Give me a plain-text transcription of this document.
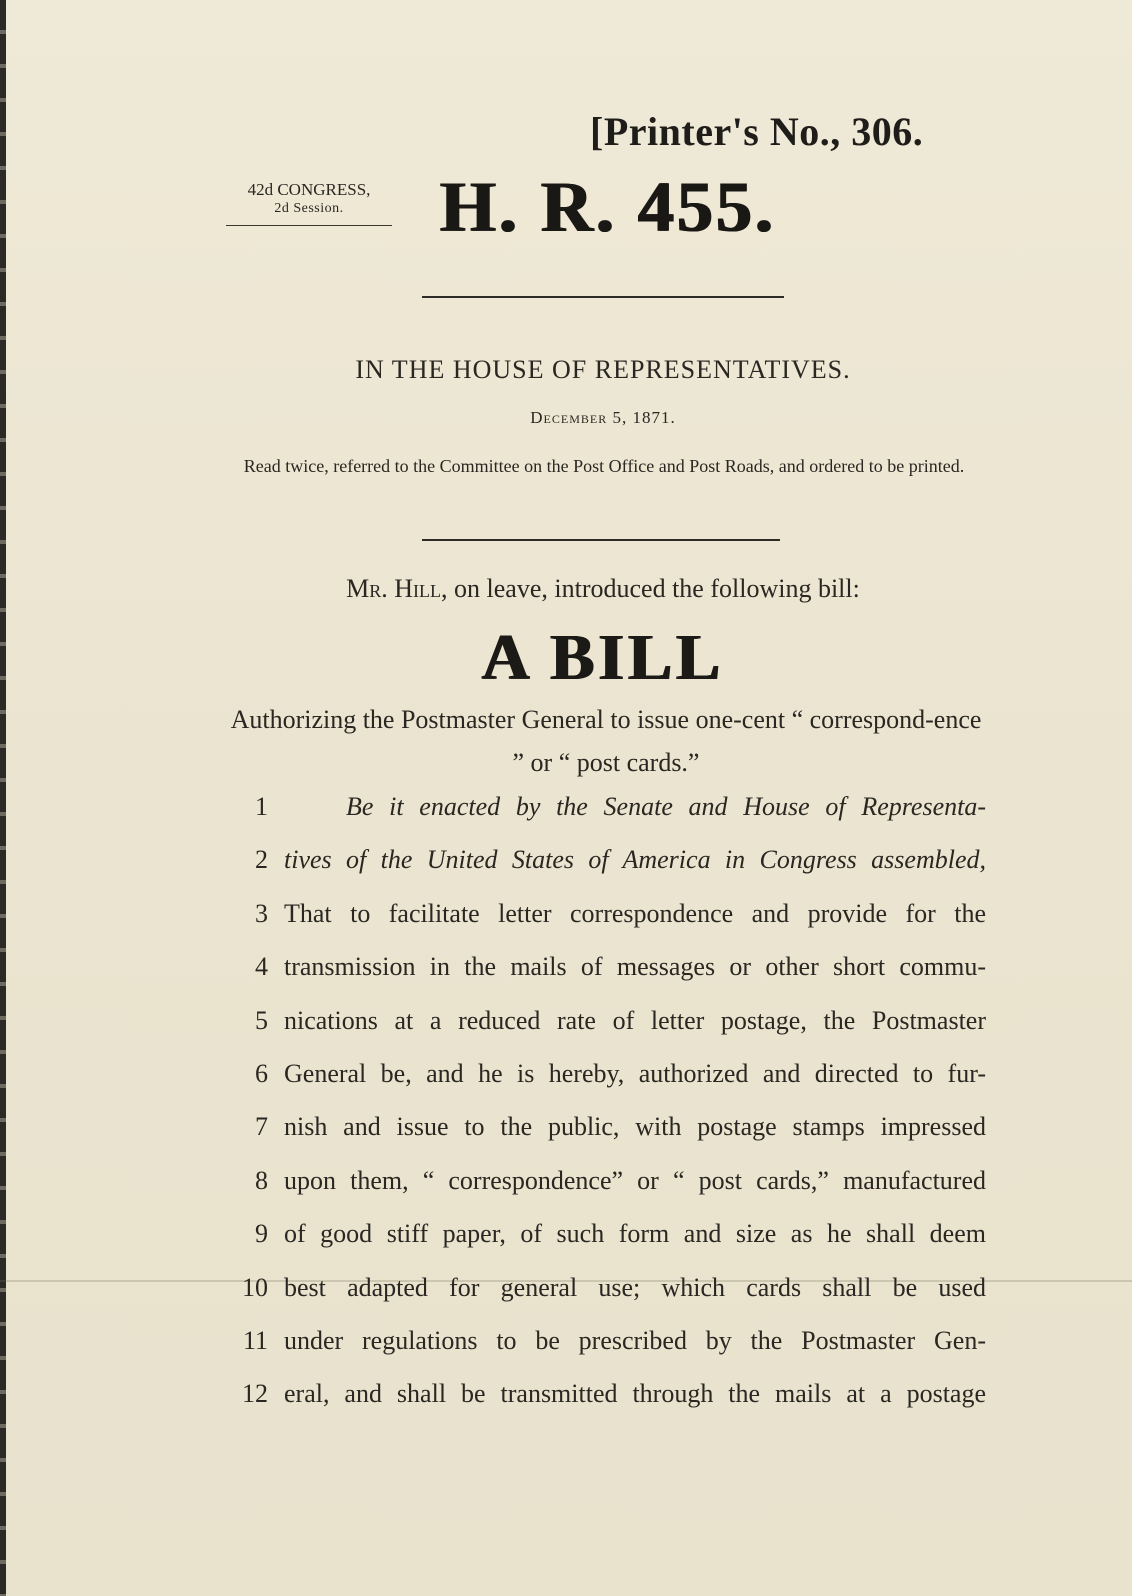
[Printer's No., 306.
42d CONGRESS,
2d Session.	H. R. 455.
IN THE HOUSE OF REPRESENTATIVES.
December 5, 1871.
Read twice, referred to the Committee on the Post Office and Post Roads, and ordered to be printed.
Mr. Hill, on leave, introduced the following bill:
A BILL
Authorizing the Postmaster General to issue one-cent “ correspond-ence ” or “ post cards.”
1	Be it enacted by the Senate and House of Representa-
2 tives of the United States of America in Congress assembled,
3 That to facilitate letter correspondence and provide for the
4 transmission in the mails of messages or other short commu-
5 nications at a reduced rate of letter postage, the Postmaster
6 General be, and he is hereby, authorized and directed to fur-
7 nish and issue to the public, with postage stamps impressed
8 upon them, “ correspondence” or “ post cards,” manufactured
9 of good stiff paper, of such form and size as he shall deem
10 best adapted for general use; which cards shall be used
11 under regulations to be prescribed by the Postmaster Gen-
12 eral, and shall be transmitted through the mails at a postage
